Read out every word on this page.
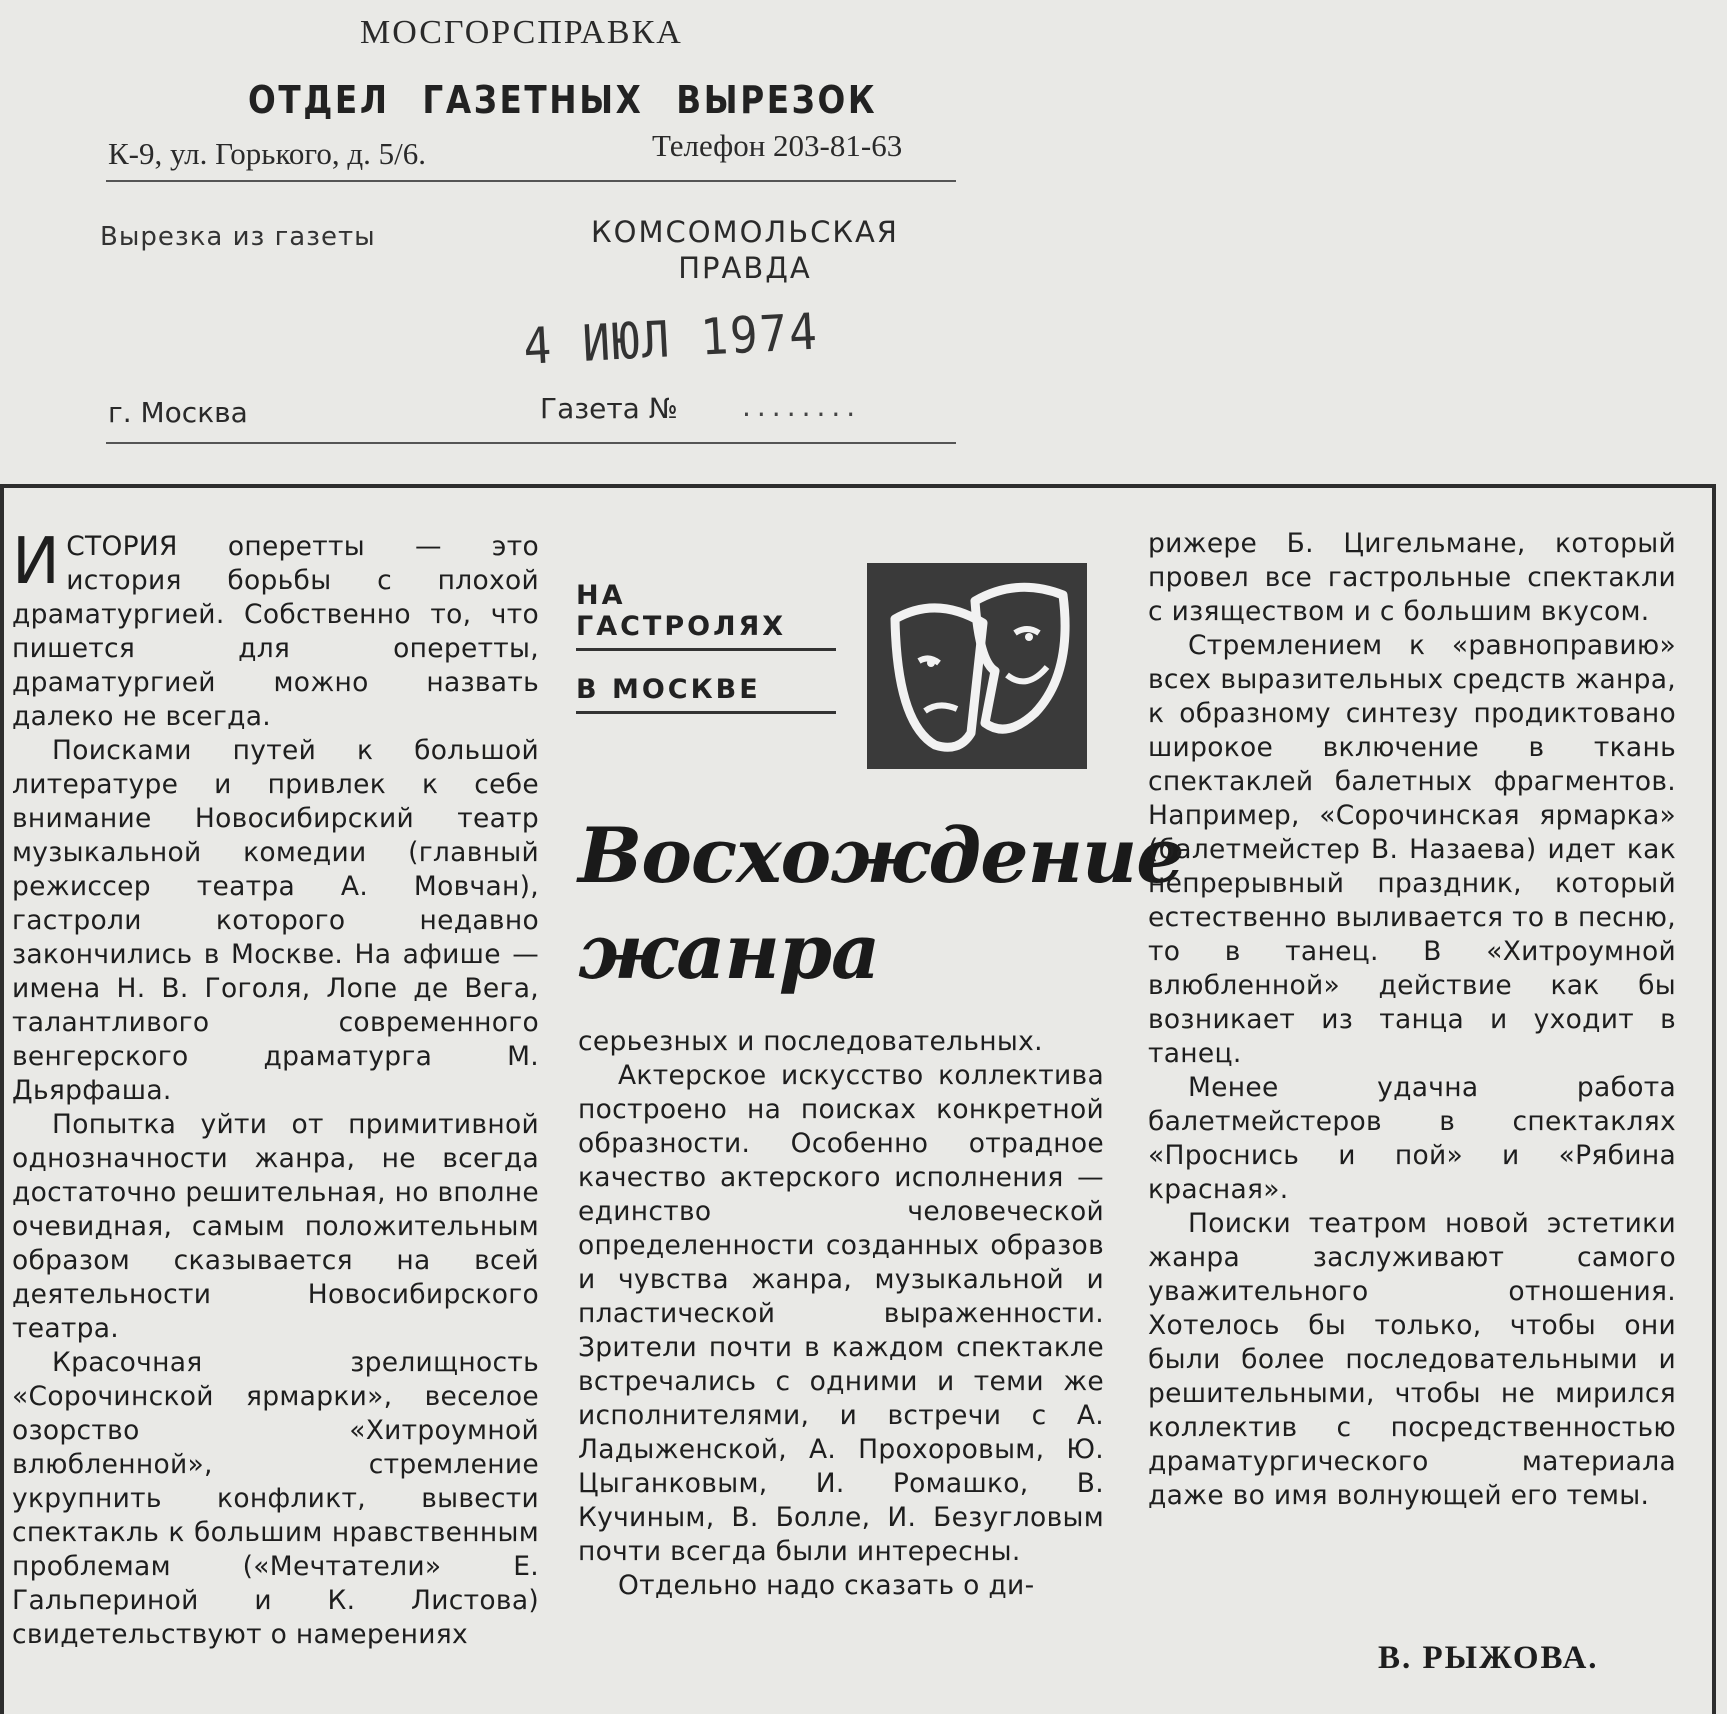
МОСГОРСПРАВКА
ОТДЕЛ ГАЗЕТНЫХ ВЫРЕЗОК
К-9, ул. Горького, д. 5/6.	Телефон 203-81-63
Вырезка из газеты	КОМСОМОЛЬСКАЯ ПРАВДА
4 ИЮЛ 1974
г. Москва	Газета № ........

ИСТОРИЯ оперетты — это история борьбы с плохой драматургией. Собственно то, что пишется для оперетты, драматургией можно назвать далеко не всегда.

Поисками путей к большой литературе и привлек к себе внимание Новосибирский театр музыкальной комедии (главный режиссер театра А. Мовчан), гастроли которого недавно закончились в Москве. На афише — имена Н. В. Гоголя, Лопе де Вега, талантливого современного венгерского драматурга М. Дьярфаша.

Попытка уйти от примитивной однозначности жанра, не всегда достаточно решительная, но вполне очевидная, самым положительным образом сказывается на всей деятельности Новосибирского театра.

Красочная зрелищность «Сорочинской ярмарки», веселое озорство «Хитроумной влюбленной», стремление укрупнить конфликт, вывести спектакль к большим нравственным проблемам («Мечтатели» Е. Гальпериной и К. Листова) свидетельствуют о намерениях

НА ГАСТРОЛЯХ
В МОСКВЕ
Восхождение жанра

серьезных и последовательных.

Актерское искусство коллектива построено на поисках конкретной образности. Особенно отрадное качество актерского исполнения — единство человеческой определенности созданных образов и чувства жанра, музыкальной и пластической выраженности. Зрители почти в каждом спектакле встречались с одними и теми же исполнителями, и встречи с А. Ладыженской, А. Прохоровым, Ю. Цыганковым, И. Ромашко, В. Кучиным, В. Болле, И. Безугловым почти всегда были интересны.

Отдельно надо сказать о ди-

рижере Б. Цигельмане, который провел все гастрольные спектакли с изяществом и с большим вкусом.

Стремлением к «равноправию» всех выразительных средств жанра, к образному синтезу продиктовано широкое включение в ткань спектаклей балетных фрагментов. Например, «Сорочинская ярмарка» (балетмейстер В. Назаева) идет как непрерывный праздник, который естественно выливается то в песню, то в танец. В «Хитроумной влюбленной» действие как бы возникает из танца и уходит в танец.

Менее удачна работа балетмейстеров в спектаклях «Проснись и пой» и «Рябина красная».

Поиски театром новой эстетики жанра заслуживают самого уважительного отношения. Хотелось бы только, чтобы они были более последовательными и решительными, чтобы не мирился коллектив с посредственностью драматургического материала даже во имя волнующей его темы.

В. РЫЖОВА.
